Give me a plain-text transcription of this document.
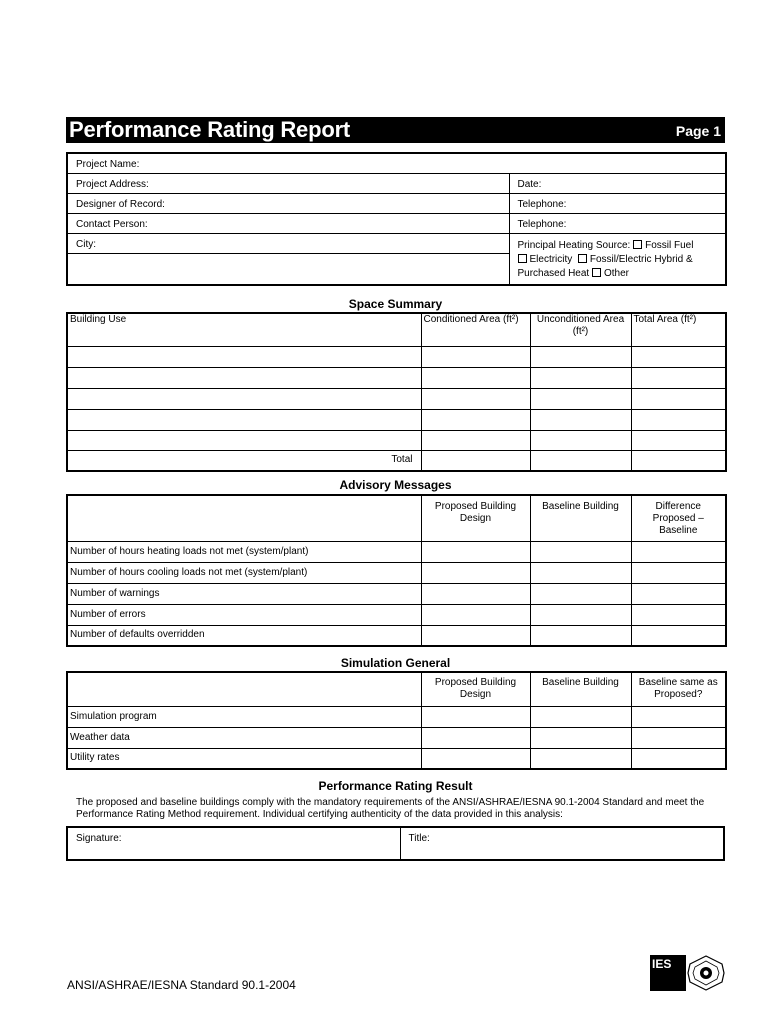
Performance Rating Report	Page 1
Project Name:	
Project Address:	Date:
Designer of Record:	Telephone:
Contact Person:	Telephone:
City:	Principal Heating Source: Fossil Fuel
Electricity Fossil/Electric Hybrid & Purchased Heat Other

Space Summary
Building Use	Conditioned Area (ft²)	Unconditioned Area (ft²)	Total Area (ft²)

Total			
Advisory Messages
	Proposed Building Design	Baseline Building	Difference Proposed – Baseline
Number of hours heating loads not met (system/plant)			
Number of hours cooling loads not met (system/plant)			
Number of warnings			
Number of errors			
Number of defaults overridden			
Simulation General
	Proposed Building Design	Baseline Building	Baseline same as Proposed?
Simulation program			
Weather data			
Utility rates			
Performance Rating Result
The proposed and baseline buildings comply with the mandatory requirements of the ANSI/ASHRAE/IESNA 90.1-2004 Standard and meet the Performance Rating Method requirement. Individual certifying authenticity of the data provided in this analysis:
Signature:	Title:
ANSI/ASHRAE/IESNA Standard 90.1-2004
IES
